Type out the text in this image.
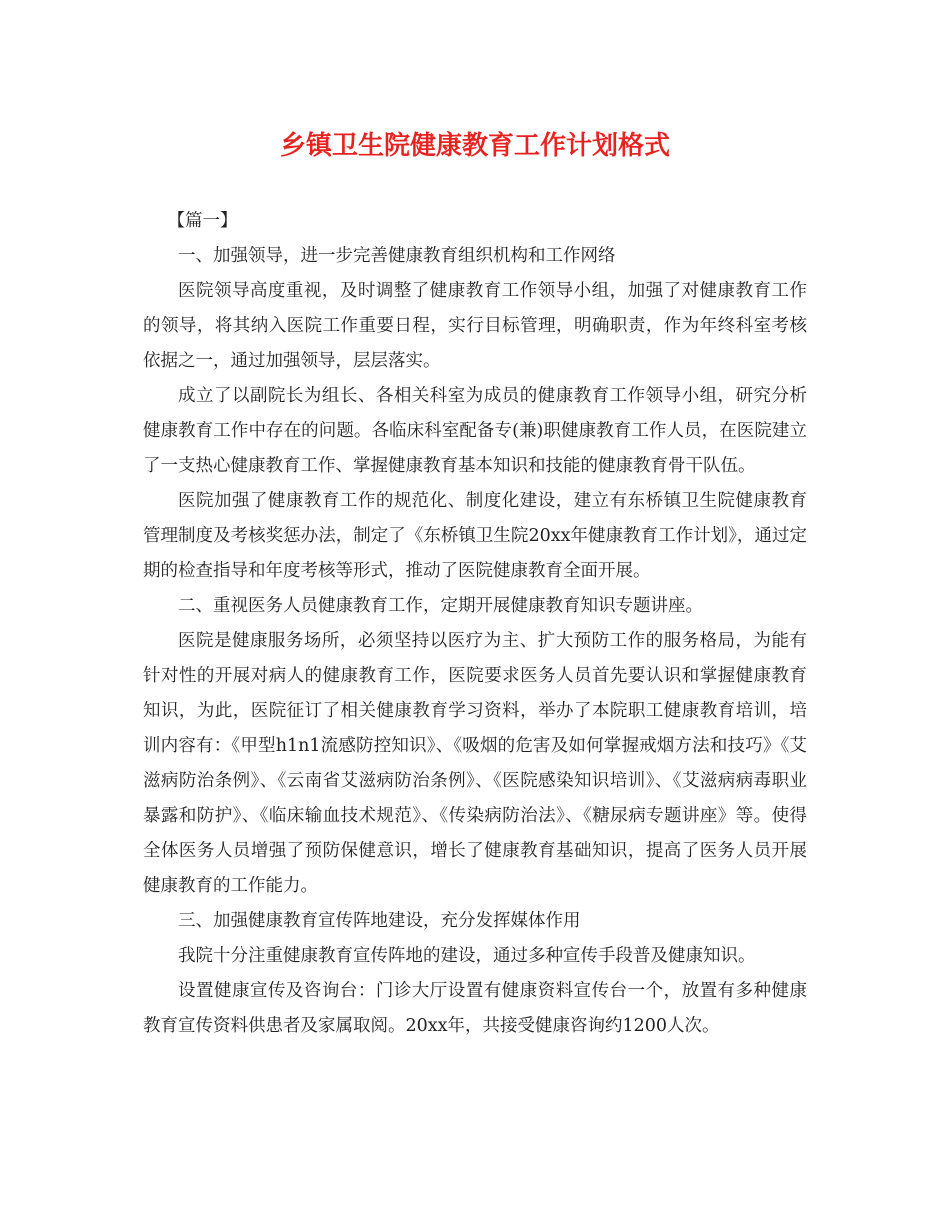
乡镇卫生院健康教育工作计划格式

【篇一】

一、加强领导，进一步完善健康教育组织机构和工作网络

医院领导高度重视，及时调整了健康教育工作领导小组，加强了对健康教育工作的领导，将其纳入医院工作重要日程，实行目标管理，明确职责，作为年终科室考核依据之一，通过加强领导，层层落实。

成立了以副院长为组长、各相关科室为成员的健康教育工作领导小组，研究分析健康教育工作中存在的问题。各临床科室配备专(兼)职健康教育工作人员，在医院建立了一支热心健康教育工作、掌握健康教育基本知识和技能的健康教育骨干队伍。

医院加强了健康教育工作的规范化、制度化建设，建立有东桥镇卫生院健康教育管理制度及考核奖惩办法，制定了《东桥镇卫生院20xx年健康教育工作计划》，通过定期的检查指导和年度考核等形式，推动了医院健康教育全面开展。

二、重视医务人员健康教育工作，定期开展健康教育知识专题讲座。

医院是健康服务场所，必须坚持以医疗为主、扩大预防工作的服务格局，为能有针对性的开展对病人的健康教育工作，医院要求医务人员首先要认识和掌握健康教育知识，为此，医院征订了相关健康教育学习资料，举办了本院职工健康教育培训，培训内容有：《甲型h1n1流感防控知识》、《吸烟的危害及如何掌握戒烟方法和技巧》《艾滋病防治条例》、《云南省艾滋病防治条例》、《医院感染知识培训》、《艾滋病病毒职业暴露和防护》、《临床输血技术规范》、《传染病防治法》、《糖尿病专题讲座》等。使得全体医务人员增强了预防保健意识，增长了健康教育基础知识，提高了医务人员开展健康教育的工作能力。

三、加强健康教育宣传阵地建设，充分发挥媒体作用

我院十分注重健康教育宣传阵地的建设，通过多种宣传手段普及健康知识。

设置健康宣传及咨询台：门诊大厅设置有健康资料宣传台一个，放置有多种健康教育宣传资料供患者及家属取阅。20xx年，共接受健康咨询约1200人次。
